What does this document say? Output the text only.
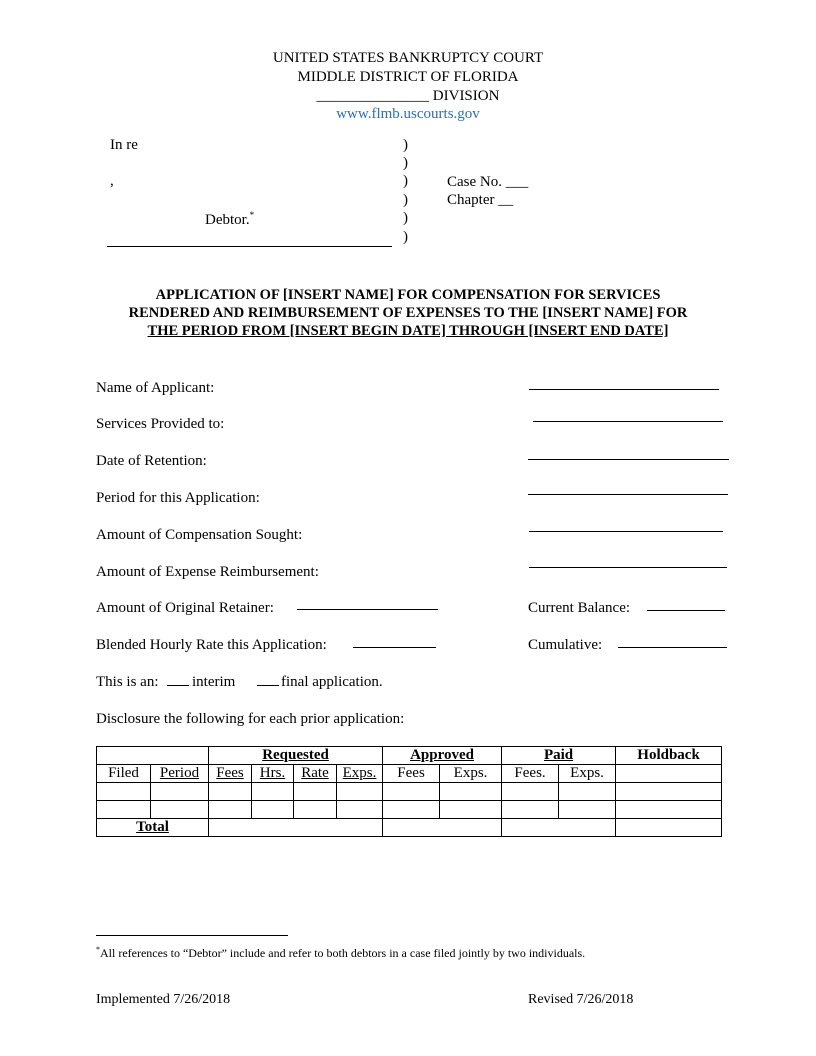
UNITED STATES BANKRUPTCY COURT
MIDDLE DISTRICT OF FLORIDA
_______________ DIVISION
www.flmb.uscourts.gov
In re
,
Debtor.*
)
)
)
)
)
)
Case No. ___
Chapter __
APPLICATION OF [INSERT NAME] FOR COMPENSATION FOR SERVICES
RENDERED AND REIMBURSEMENT OF EXPENSES TO THE [INSERT NAME] FOR
THE PERIOD FROM [INSERT BEGIN DATE] THROUGH [INSERT END DATE]
Name of Applicant:
Services Provided to:
Date of Retention:
Period for this Application:
Amount of Compensation Sought:
Amount of Expense Reimbursement:
Amount of Original Retainer:	Current Balance:
Blended Hourly Rate this Application:	Cumulative:
This is an: interim	final application.
Disclosure the following for each prior application:
		Requested				Approved		Paid		Holdback
Filed	Period	Fees	Hrs.	Rate	Exps.	Fees	Exps.	Fees.	Exps.	

Total										
*All references to “Debtor” include and refer to both debtors in a case filed jointly by two individuals.
Implemented 7/26/2018	Revised 7/26/2018
